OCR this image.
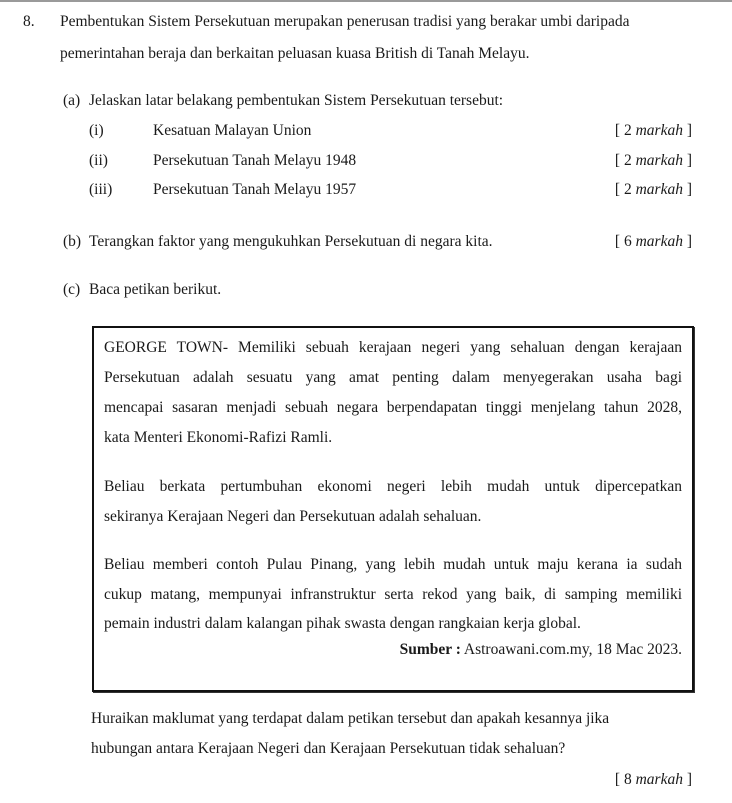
8. Pembentukan Sistem Persekutuan merupakan penerusan tradisi yang berakar umbi daripada
pemerintahan beraja dan berkaitan peluasan kuasa British di Tanah Melayu.
(a) Jelaskan latar belakang pembentukan Sistem Persekutuan tersebut:
(i)	Kesatuan Malayan Union	[ 2 markah ]
(ii)	Persekutuan Tanah Melayu 1948	[ 2 markah ]
(iii)	Persekutuan Tanah Melayu 1957	[ 2 markah ]
(b) Terangkan faktor yang mengukuhkan Persekutuan di negara kita.	[ 6 markah ]
(c) Baca petikan berikut.
GEORGE TOWN- Memiliki sebuah kerajaan negeri yang sehaluan dengan kerajaan
Persekutuan adalah sesuatu yang amat penting dalam menyegerakan usaha bagi
mencapai sasaran menjadi sebuah negara berpendapatan tinggi menjelang tahun 2028,
kata Menteri Ekonomi-Rafizi Ramli.
Beliau berkata pertumbuhan ekonomi negeri lebih mudah untuk dipercepatkan
sekiranya Kerajaan Negeri dan Persekutuan adalah sehaluan.
Beliau memberi contoh Pulau Pinang, yang lebih mudah untuk maju kerana ia sudah
cukup matang, mempunyai infranstruktur serta rekod yang baik, di samping memiliki
pemain industri dalam kalangan pihak swasta dengan rangkaian kerja global.
Sumber : Astroawani.com.my, 18 Mac 2023.
Huraikan maklumat yang terdapat dalam petikan tersebut dan apakah kesannya jika
hubungan antara Kerajaan Negeri dan Kerajaan Persekutuan tidak sehaluan?
[ 8 markah ]
